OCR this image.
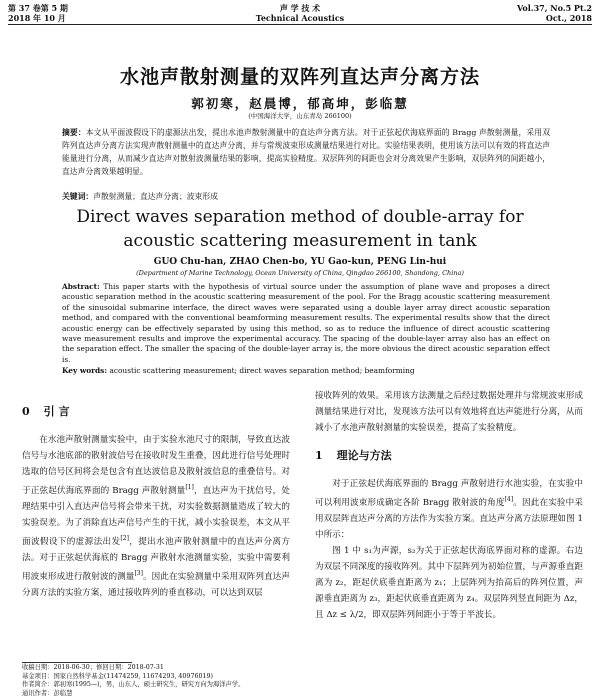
第 37 卷第 5 期
2018 年 10 月
声 学 技 术
Technical Acoustics
Vol.37, No.5 Pt.2
Oct., 2018
水池声散射测量的双阵列直达声分离方法
郭初寒，赵晨博，郁高坤，彭临慧
(中国海洋大学，山东青岛 266100)
摘要：本文从平面波假设下的虚源法出发，提出水池声散射测量中的直达声分离方法。对于正弦起伏海底界面的 Bragg 声散射测量，采用双阵列直达声分离方法实现声散射测量中的直达声分离，并与常规波束形成测量结果进行对比。实验结果表明，使用该方法可以有效的将直达声能量进行分离，从而减少直达声对散射波测量结果的影响，提高实验精度。双层阵列的间距也会对分离效果产生影响，双层阵列的间距越小，直达声分离效果越明显。
关键词：声散射测量；直达声分离；波束形成
Direct waves separation method of double-array for acoustic scattering measurement in tank
GUO Chu-han, ZHAO Chen-bo, YU Gao-kun, PENG Lin-hui
(Department of Marine Technology, Ocean University of China, Qingdao 266100, Shandong, China)
Abstract: This paper starts with the hypothesis of virtual source under the assumption of plane wave and proposes a direct acoustic separation method in the acoustic scattering measurement of the pool. For the Bragg acoustic scattering measurement of the sinusoidal submarine interface, the direct waves were separated using a double layer array direct acoustic separation method, and compared with the conventional beamforming measurement results. The experimental results show that the direct acoustic energy can be effectively separated by using this method, so as to reduce the influence of direct acoustic scattering wave measurement results and improve the experimental accuracy. The spacing of the double-layer array also has an effect on the separation effect. The smaller the spacing of the double-layer array is, the more obvious the direct acoustic separation effect is.
Key words: acoustic scattering measurement; direct waves separation method; beamforming
0 引 言

在水池声散射测量实验中，由于实验水池尺寸的限制，导致直达波信号与水池底部的散射波信号在接收时发生重叠，因此进行信号处理时选取的信号区间将会是包含有直达波信息及散射波信息的重叠信号。对于正弦起伏海底界面的 Bragg 声散射测量[1]，直达声为干扰信号，处理结果中引入直达声信号将会带来干扰，对实验数据测量造成了较大的实验误差。为了消除直达声信号产生的干扰，减小实验误差，本文从平面波假设下的虚源法出发[2]，提出水池声散射测量中的直达声分离方法。对于正弦起伏海底的 Bragg 声散射水池测量实验，实验中需要利用波束形成进行散射波的测量[3]。因此在实验测量中采用双阵列直达声分离方法的实验方案，通过接收阵列的垂直移动，可以达到双层

接收阵列的效果。采用该方法测量之后经过数据处理并与常规波束形成测量结果进行对比，发现该方法可以有效地将直达声能进行分离，从而减小了水池声散射测量的实验误差，提高了实验精度。

1 理论与方法

对于正弦起伏海底界面的 Bragg 声散射进行水池实验，在实验中可以利用波束形成确定各阶 Bragg 散射波的角度[4]。因此在实验中采用双层阵直达声分离的方法作为实验方案。直达声分离方法原理如图 1 中所示：

图 1 中 s₁为声源，s₂为关于正弦起伏海底界面对称的虚源。右边为双层不同深度的接收阵列。其中下层阵列为初始位置，与声源垂直距离为 z₂，距起伏底垂直距离为 z₁；上层阵列为抬高后的阵列位置，声源垂直距离为 z₃，距起伏底垂直距离为 z₄。双层阵列竖直间距为 Δz，且 Δz ≤ λ/2，即双层阵列间距小于等于半波长。

收稿日期：2018-06-30；修回日期：2018-07-31
基金项目：国家自然科学基金(11474259, 11674293, 40976019)
作者简介：郭初寒(1995—)，男，山东人，硕士研究生，研究方向为海洋声学。
通讯作者：彭临慧
